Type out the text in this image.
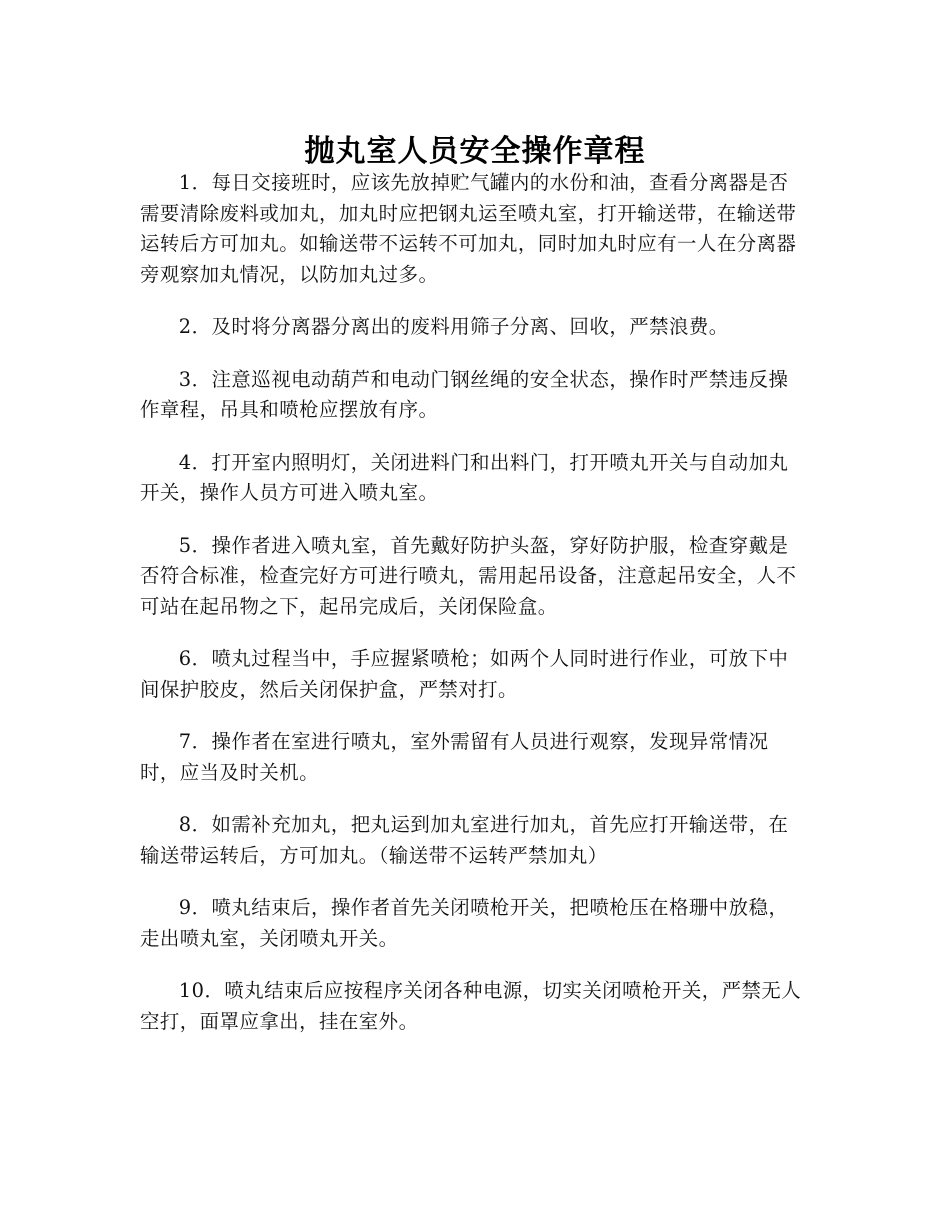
抛丸室人员安全操作章程

1．每日交接班时，应该先放掉贮气罐内的水份和油，查看分离器是否需要清除废料或加丸，加丸时应把钢丸运至喷丸室，打开输送带，在输送带运转后方可加丸。如输送带不运转不可加丸，同时加丸时应有一人在分离器旁观察加丸情况，以防加丸过多。

2．及时将分离器分离出的废料用筛子分离、回收，严禁浪费。

3．注意巡视电动葫芦和电动门钢丝绳的安全状态，操作时严禁违反操作章程，吊具和喷枪应摆放有序。

4．打开室内照明灯，关闭进料门和出料门，打开喷丸开关与自动加丸开关，操作人员方可进入喷丸室。

5．操作者进入喷丸室，首先戴好防护头盔，穿好防护服，检查穿戴是否符合标准，检查完好方可进行喷丸，需用起吊设备，注意起吊安全，人不可站在起吊物之下，起吊完成后，关闭保险盒。

6．喷丸过程当中，手应握紧喷枪；如两个人同时进行作业，可放下中间保护胶皮，然后关闭保护盒，严禁对打。

7．操作者在室进行喷丸，室外需留有人员进行观察，发现异常情况时，应当及时关机。

8．如需补充加丸，把丸运到加丸室进行加丸，首先应打开输送带，在输送带运转后，方可加丸。（输送带不运转严禁加丸）

9．喷丸结束后，操作者首先关闭喷枪开关，把喷枪压在格珊中放稳，走出喷丸室，关闭喷丸开关。

10．喷丸结束后应按程序关闭各种电源，切实关闭喷枪开关，严禁无人空打，面罩应拿出，挂在室外。
